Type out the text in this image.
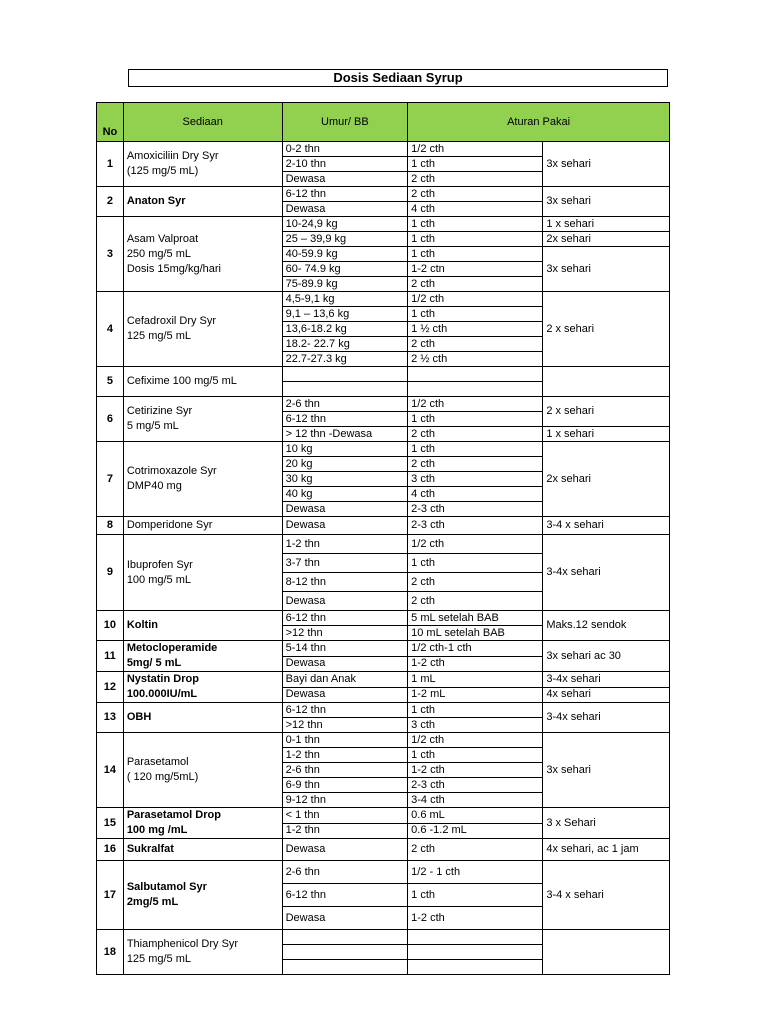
Dosis Sediaan Syrup
No	Sediaan	Umur/ BB	Aturan Pakai	
1	Amoxiciliin Dry Syr
(125 mg/5 mL)	0-2 thn	1/2 cth	3x sehari
		2-10 thn	1 cth	
		Dewasa	2 cth	
2	Anaton Syr	6-12 thn	2 cth	3x sehari
		Dewasa	4 cth	
3	Asam Valproat
250 mg/5 mL
Dosis 15mg/kg/hari	10-24,9 kg	1 cth	1 x sehari
		25 – 39,9 kg	1 cth	2x sehari
		40-59.9 kg	1 cth	3x sehari
		60- 74.9 kg	1-2 ctn	
		75-89.9 kg	2 cth	
4	Cefadroxil Dry Syr
125 mg/5 mL	4,5-9,1 kg	1/2 cth	2 x sehari
		9,1 – 13,6 kg	1 cth	
		13,6-18.2 kg	1 ½ cth	
		18.2- 22.7 kg	2 cth	
		22.7-27.3 kg	2 ½ cth	
5	Cefixime 100 mg/5 mL			

6	Cetirizine Syr
5 mg/5 mL	2-6 thn	1/2 cth	2 x sehari
		6-12 thn	1 cth	
		> 12 thn -Dewasa	2 cth	1 x sehari
7	Cotrimoxazole Syr
DMP40 mg	10 kg	1 cth	2x sehari
		20 kg	2 cth	
		30 kg	3 cth	
		40 kg	4 cth	
		Dewasa	2-3 cth	
8	Domperidone Syr	Dewasa	2-3 cth	3-4 x sehari
9	Ibuprofen Syr
100 mg/5 mL	1-2 thn	1/2 cth	3-4x sehari
		3-7 thn	1 cth	
		8-12 thn	2 cth	
		Dewasa	2 cth	
10	Koltin	6-12 thn	5 mL setelah BAB	Maks.12 sendok
		>12 thn	10 mL setelah BAB	
11	Metocloperamide
5mg/ 5 mL	5-14 thn	1/2 cth-1 cth	3x sehari ac 30
		Dewasa	1-2 cth	
12	Nystatin Drop
100.000IU/mL	Bayi dan Anak	1 mL	3-4x sehari
		Dewasa	1-2 mL	4x sehari
13	OBH	6-12 thn	1 cth	3-4x sehari
		>12 thn	3 cth	
14	Parasetamol
( 120 mg/5mL)	0-1 thn	1/2 cth	3x sehari
		1-2 thn	1 cth	
		2-6 thn	1-2 cth	
		6-9 thn	2-3 cth	
		9-12 thn	3-4 cth	
15	Parasetamol Drop
100 mg /mL	< 1 thn	0.6 mL	3 x Sehari
		1-2 thn	0.6 -1.2 mL	
16	Sukralfat	Dewasa	2 cth	4x sehari, ac 1 jam
17	Salbutamol Syr
2mg/5 mL	2-6 thn	1/2 - 1 cth	3-4 x sehari
		6-12 thn	1 cth	
		Dewasa	1-2 cth	
18	Thiamphenicol Dry Syr
125 mg/5 mL			
